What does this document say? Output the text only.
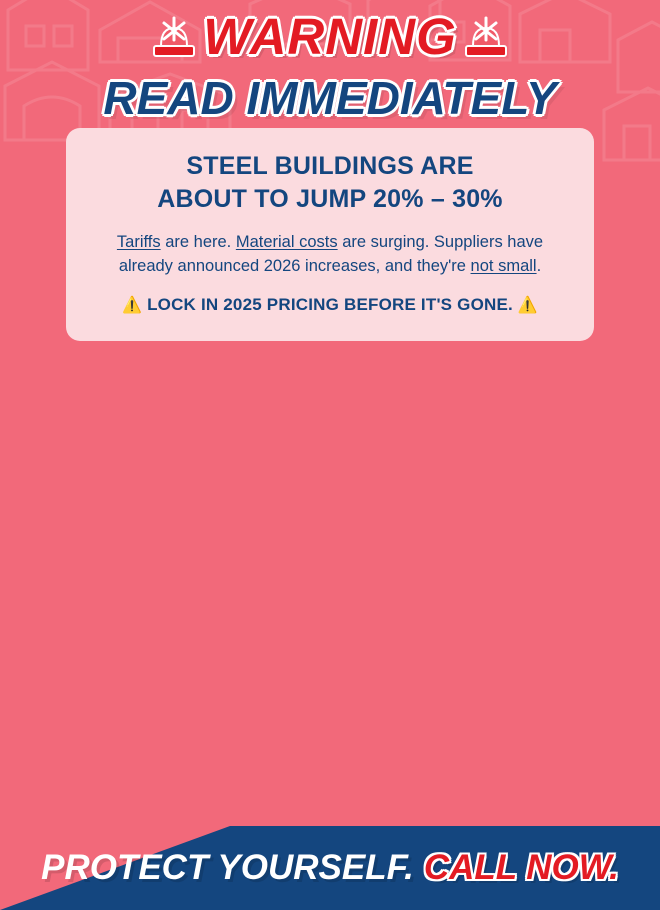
WARNING
READ IMMEDIATELY
STEEL BUILDINGS ARE
ABOUT TO JUMP 20% – 30%

Tariffs are here. Material costs are surging. Suppliers have already announced 2026 increases, and they're not small.

⚠️ LOCK IN 2025 PRICING BEFORE IT'S GONE. ⚠️

PROTECT YOURSELF. CALL NOW.
